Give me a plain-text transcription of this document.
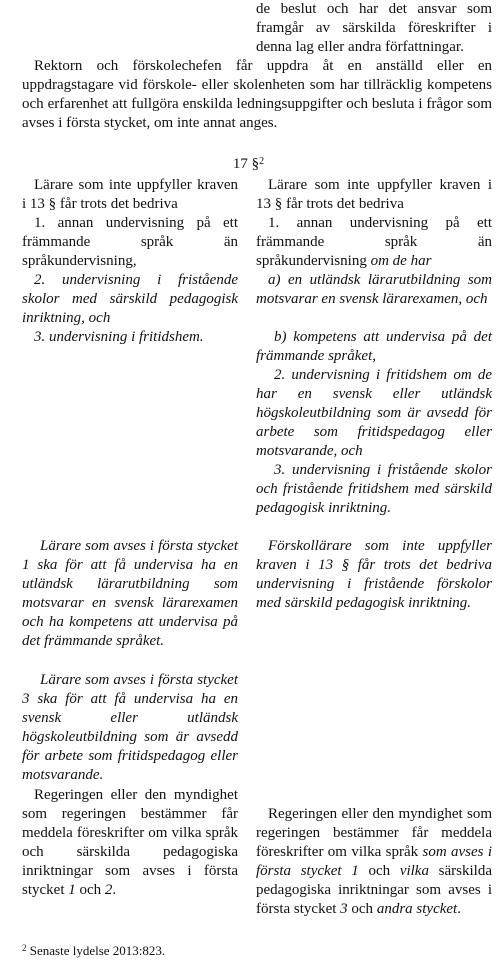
de beslut och har det ansvar som framgår av särskilda föreskrifter i denna lag eller andra författningar.
Rektorn och förskolechefen får uppdra åt en anställd eller en uppdragstagare vid förskole- eller skolenheten som har tillräcklig kompetens och erfarenhet att fullgöra enskilda ledningsuppgifter och besluta i frågor som avses i första stycket, om inte annat anges.
17 §$^2$
Lärare som inte uppfyller kraven i 13 § får trots det bedriva
1. annan undervisning på ett främmande språk än språkundervisning,
2. undervisning i fristående skolor med särskild pedagogisk inriktning, och
3. undervisning i fritidshem.
Lärare som avses i första stycket 1 ska för att få undervisa ha en utländsk lärarutbildning som motsvarar en svensk lärarexamen och ha kompetens att undervisa på det främmande språket.
Lärare som avses i första stycket 3 ska för att få undervisa ha en svensk eller utländsk högskoleutbildning som är avsedd för arbete som fritidspedagog eller motsvarande.
Regeringen eller den myndighet som regeringen bestämmer får meddela föreskrifter om vilka språk och särskilda pedagogiska inriktningar som avses i första stycket 1 och 2.
Lärare som inte uppfyller kraven i 13 § får trots det bedriva
1. annan undervisning på ett främmande språk än språkundervisning om de har
a) en utländsk lärarutbildning som motsvarar en svensk lärarexamen, och
b) kompetens att undervisa på det främmande språket,
2. undervisning i fritidshem om de har en svensk eller utländsk högskoleutbildning som är avsedd för arbete som fritidspedagog eller motsvarande, och
3. undervisning i fristående skolor och fristående fritidshem med särskild pedagogisk inriktning.
Förskollärare som inte uppfyller kraven i 13 § får trots det bedriva undervisning i fristående förskolor med särskild pedagogisk inriktning.
Regeringen eller den myndighet som regeringen bestämmer får meddela föreskrifter om vilka språk som avses i första stycket 1 och vilka särskilda pedagogiska inriktningar som avses i första stycket 3 och andra stycket.
$^2$ Senaste lydelse 2013:823.
